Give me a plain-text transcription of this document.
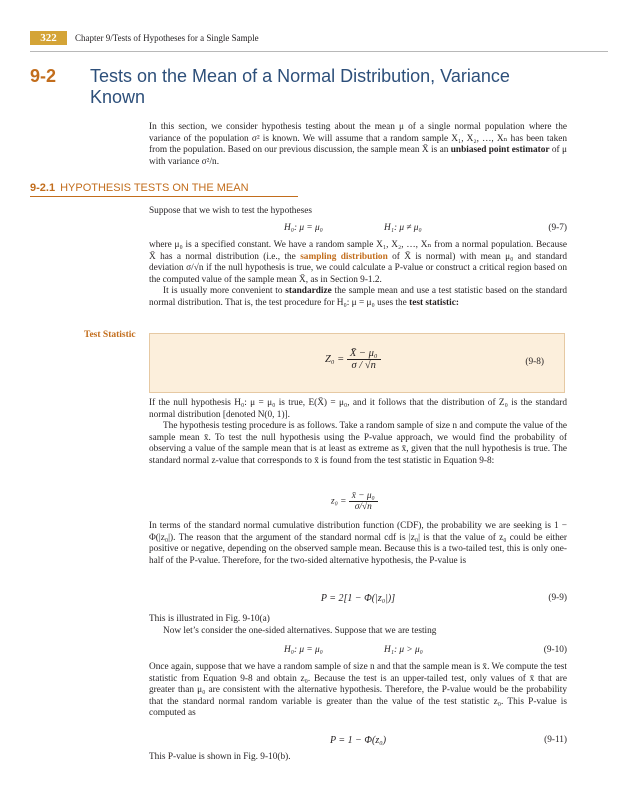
322	Chapter 9/Tests of Hypotheses for a Single Sample
9-2 Tests on the Mean of a Normal Distribution, Variance Known

In this section, we consider hypothesis testing about the mean μ of a single normal population where the variance of the population σ² is known. We will assume that a random sample X₁, X₂, …, Xₙ has been taken from the population. Based on our previous discussion, the sample mean X̄ is an unbiased point estimator of μ with variance σ²/n.

9-2.1 HYPOTHESIS TESTS ON THE MEAN
Suppose that we wish to test the hypotheses
H₀: μ = μ₀	H₁: μ ≠ μ₀	(9-7)

where μ₀ is a specified constant. We have a random sample X₁, X₂, …, Xₙ from a normal population. Because X̄ has a normal distribution (i.e., the sampling distribution of X̄ is normal) with mean μ₀ and standard deviation σ/√n if the null hypothesis is true, we could calculate a P-value or construct a critical region based on the computed value of the sample mean X̄, as in Section 9-1.2.

It is usually more convenient to standardize the sample mean and use a test statistic based on the standard normal distribution. That is, the test procedure for H₀: μ = μ₀ uses the test statistic:

Test Statistic
$Z_0 = \frac{\text{X̄ − μ₀}}{\sigma / √n}$	(9-8)

If the null hypothesis H₀: μ = μ₀ is true, E(X̄) = μ₀, and it follows that the distribution of Z₀ is the standard normal distribution [denoted N(0, 1)].

The hypothesis testing procedure is as follows. Take a random sample of size n and compute the value of the sample mean x̄. To test the null hypothesis using the P-value approach, we would find the probability of observing a value of the sample mean that is at least as extreme as x̄, given that the null hypothesis is true. The standard normal z-value that corresponds to x̄ is found from the test statistic in Equation 9-8:

$z_0 = \frac{\text{x̄ − μ₀}}{\sigma/√n}$
In terms of the standard normal cumulative distribution function (CDF), the probability we are seeking is 1 − Φ(|z₀|). The reason that the argument of the standard normal cdf is |z₀| is that the value of z₀ could be either positive or negative, depending on the observed sample mean. Because this is a two-tailed test, this is only one-half of the P-value. Therefore, for the two-sided alternative hypothesis, the P-value is
P = 2[1 − Φ(|z₀|)]	(9-9)

This is illustrated in Fig. 9-10(a)

Now let’s consider the one-sided alternatives. Suppose that we are testing

H₀: μ = μ₀	H₁: μ > μ₀	(9-10)
Once again, suppose that we have a random sample of size n and that the sample mean is x̄. We compute the test statistic from Equation 9-8 and obtain z₀. Because the test is an upper-tailed test, only values of x̄ that are greater than μ₀ are consistent with the alternative hypothesis. Therefore, the P-value would be the probability that the standard normal random variable is greater than the value of the test statistic z₀. This P-value is computed as
P = 1 − Φ(z₀)	(9-11)
This P-value is shown in Fig. 9-10(b).
